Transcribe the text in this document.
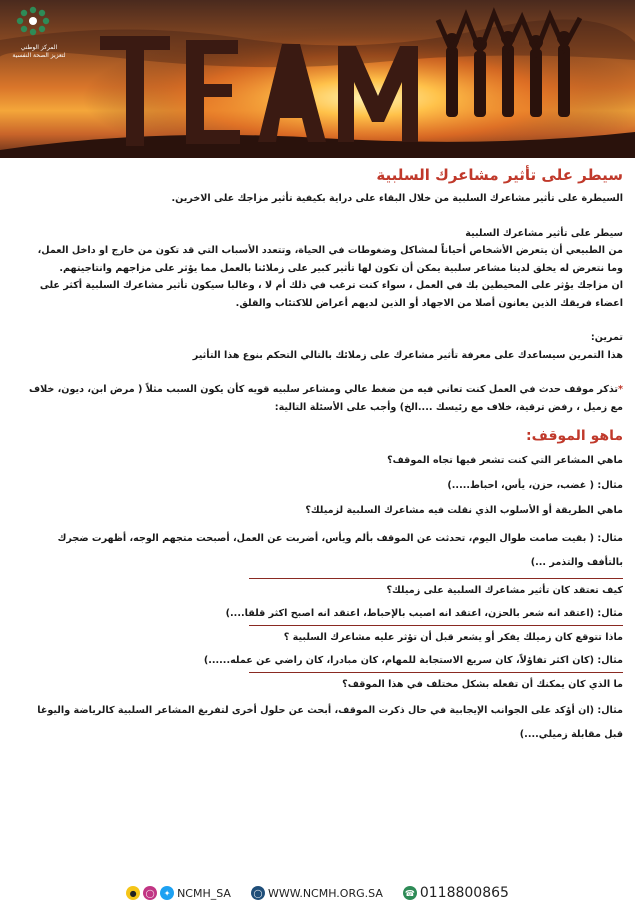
المركز الوطني
لتعزيز الصحة النفسية
سيطر على تأثير مشاعرك السلبية

السيطرة على تأثير مشاعرك السلبية من خلال البقاء على دراية بكيفية تأثير مزاجك على الاخرين.

سيطر على تأثير مشاعرك السلبية

من الطبيعي أن يتعرض الأشخاص أحياناً لمشاكل وضغوطات في الحياة، وتتعدد الأسباب التي قد تكون من خارج او داخل العمل، وما نتعرض له يخلق لدينا مشاعر سلبية يمكن أن تكون لها تأثير كبير على زملائنا بالعمل مما يؤثر على مزاجهم وانتاجيتهم.

ان مزاجك يؤثر على المحيطين بك في العمل ، سواء كنت ترغب في ذلك أم لا ، وغالبا سيكون تأثير مشاعرك السلبية أكثر على اعضاء فريقك الذين يعانون أصلا من الاجهاد أو الذين لديهم أعراض للاكتئاب والقلق.

تمرين:

هذا التمرين سيساعدك على معرفة تأثير مشاعرك على زملائك بالتالي التحكم بنوع هذا التأثير

*تذكر موقف حدث في العمل كنت تعاني فيه من ضغط عالي ومشاعر سلبيه قويه كأن يكون السبب مثلاً ( مرض ابن، ديون، خلاف مع زميل ، رفض ترقية، خلاف مع رئيسك ....الخ) وأجب على الأسئلة التالية:

ماهو الموقف:
ماهي المشاعر التي كنت تشعر فيها تجاه الموقف؟
مثال: ( غضب، حزن، يأس، احباط.....)
ماهي الطريقة أو الأسلوب الذي نقلت فيه مشاعرك السلبية لزميلك؟
مثال: ( بقيت صامت طوال اليوم، تحدثت عن الموقف بألم ويأس، أضربت عن العمل، أصبحت متجهم الوجه، أظهرت ضجرك بالتأفف والتذمر ...)
كيف تعتقد كان تأثير مشاعرك السلبية على زميلك؟
مثال: (اعتقد انه شعر بالحزن، اعتقد انه اصيب بالإحباط، اعتقد انه اصبح اكثر قلقا....)
ماذا تتوقع كان زميلك يفكر أو يشعر قبل أن تؤثر عليه مشاعرك السلبية ؟
مثال: (كان اكثر تفاؤلاً، كان سريع الاستجابة للمهام، كان مبادرا، كان راضي عن عمله......)
ما الذي كان يمكنك أن تفعله بشكل مختلف في هذا الموقف؟
مثال: (ان أؤكد على الجوانب الإيجابية في حال ذكرت الموقف، أبحث عن حلول أخرى لتفريغ المشاعر السلبية كالرياضة واليوغا قبل مقابلة زميلي....)
●	◯	✦ NCMH_SA	◯ WWW.NCMH.ORG.SA	☎ 0118800865
